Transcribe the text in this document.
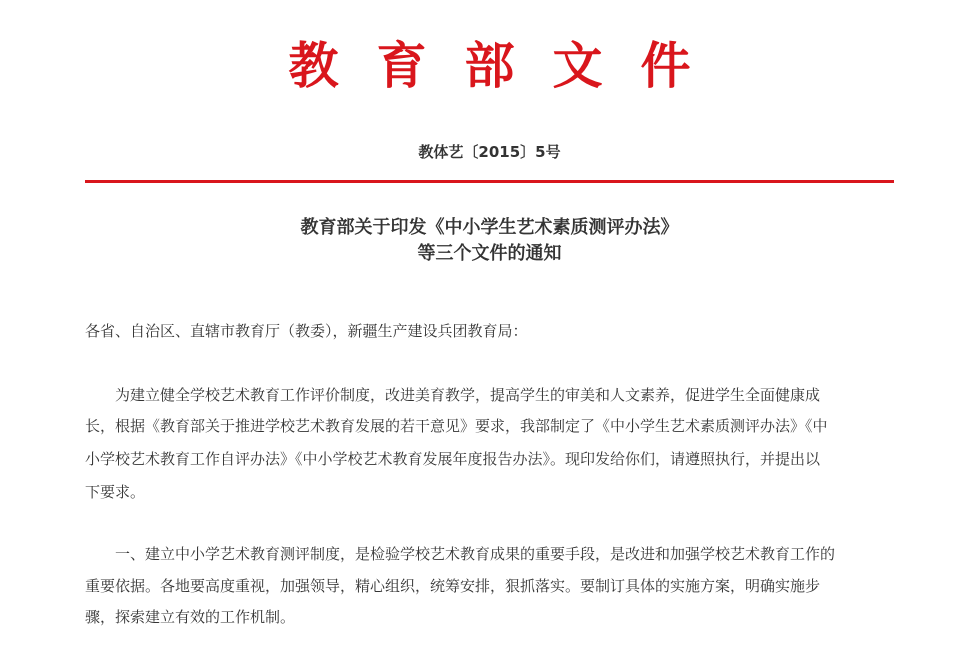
教 育 部 文 件
教体艺〔2015〕5号
教育部关于印发《中小学生艺术素质测评办法》
等三个文件的通知
各省、自治区、直辖市教育厅（教委），新疆生产建设兵团教育局：
为建立健全学校艺术教育工作评价制度，改进美育教学，提高学生的审美和人文素养，促进学生全面健康成
长，根据《教育部关于推进学校艺术教育发展的若干意见》要求，我部制定了《中小学生艺术素质测评办法》《中
小学校艺术教育工作自评办法》《中小学校艺术教育发展年度报告办法》。现印发给你们，请遵照执行，并提出以
下要求。
一、建立中小学艺术教育测评制度，是检验学校艺术教育成果的重要手段，是改进和加强学校艺术教育工作的
重要依据。各地要高度重视，加强领导，精心组织，统筹安排，狠抓落实。要制订具体的实施方案，明确实施步
骤，探索建立有效的工作机制。
